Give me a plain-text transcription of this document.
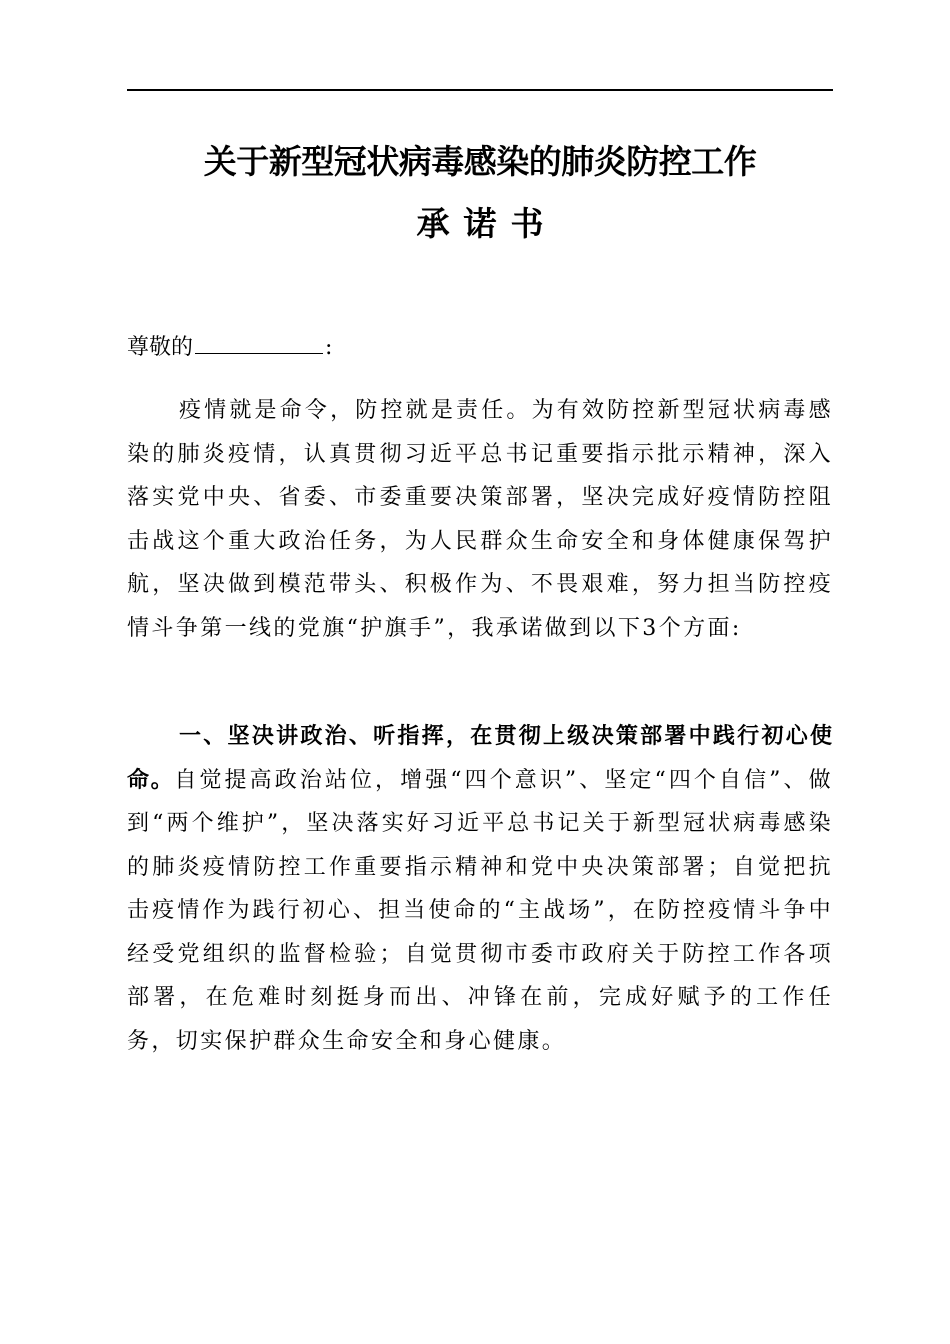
关于新型冠状病毒感染的肺炎防控工作
承诺书

尊敬的	:

疫情就是命令，防控就是责任。为有效防控新型冠状病毒感染的肺炎疫情，认真贯彻习近平总书记重要指示批示精神，深入落实党中央、省委、市委重要决策部署，坚决完成好疫情防控阻击战这个重大政治任务，为人民群众生命安全和身体健康保驾护航，坚决做到模范带头、积极作为、不畏艰难，努力担当防控疫情斗争第一线的党旗“护旗手”，我承诺做到以下3个方面:

一、坚决讲政治、听指挥，在贯彻上级决策部署中践行初心使命。自觉提高政治站位，增强“四个意识”、坚定“四个自信”、做到“两个维护”，坚决落实好习近平总书记关于新型冠状病毒感染的肺炎疫情防控工作重要指示精神和党中央决策部署；自觉把抗击疫情作为践行初心、担当使命的“主战场”，在防控疫情斗争中经受党组织的监督检验；自觉贯彻市委市政府关于防控工作各项部署，在危难时刻挺身而出、冲锋在前，完成好赋予的工作任务，切实保护群众生命安全和身心健康。
